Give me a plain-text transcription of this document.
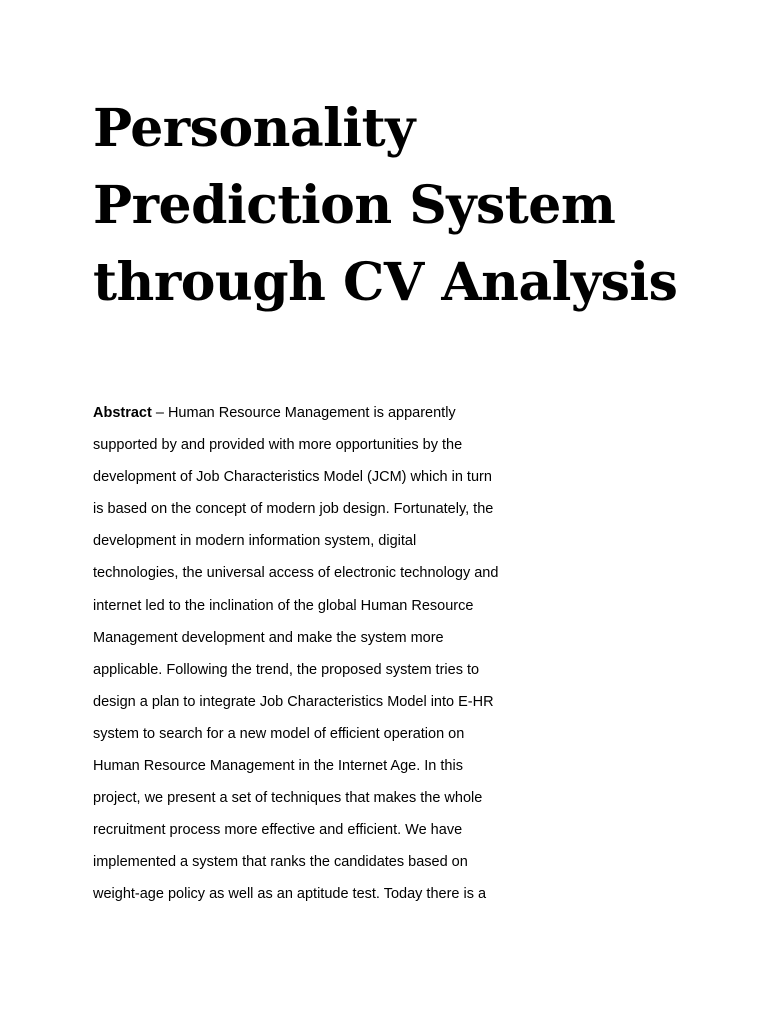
Personality
Prediction System
through CV Analysis
Abstract – Human Resource Management is apparently
supported by and provided with more opportunities by the
development of Job Characteristics Model (JCM) which in turn
is based on the concept of modern job design. Fortunately, the
development in modern information system, digital
technologies, the universal access of electronic technology and
internet led to the inclination of the global Human Resource
Management development and make the system more
applicable. Following the trend, the proposed system tries to
design a plan to integrate Job Characteristics Model into E-HR
system to search for a new model of efficient operation on
Human Resource Management in the Internet Age. In this
project, we present a set of techniques that makes the whole
recruitment process more effective and efficient. We have
implemented a system that ranks the candidates based on
weight-age policy as well as an aptitude test. Today there is a
